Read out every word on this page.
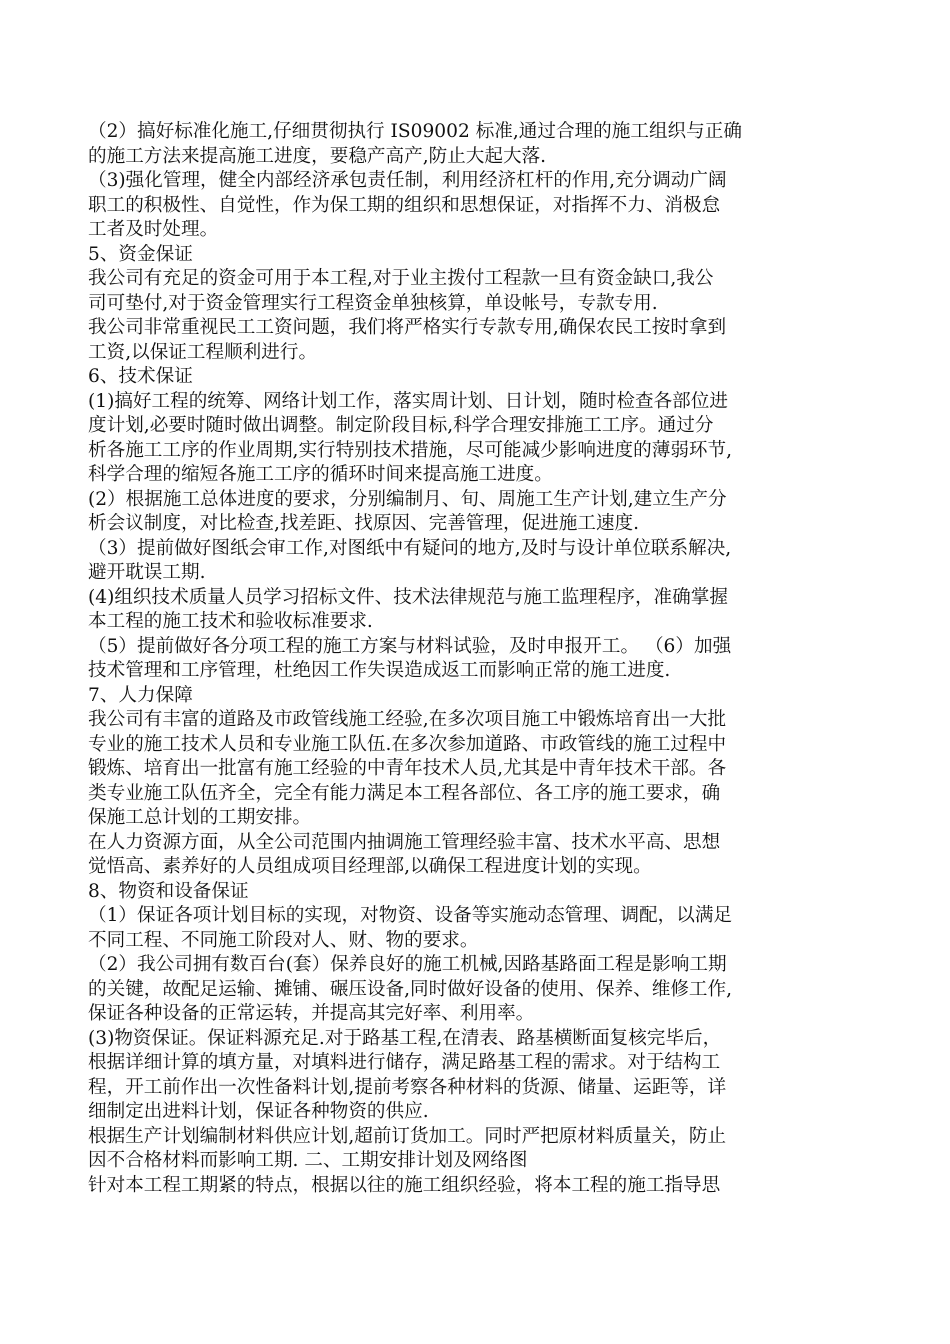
（2）搞好标准化施工,仔细贯彻执行 IS09002 标准,通过合理的施工组织与正确
的施工方法来提高施工进度，要稳产高产,防止大起大落.
（3)强化管理，健全内部经济承包责任制，利用经济杠杆的作用,充分调动广阔
职工的积极性、自觉性，作为保工期的组织和思想保证，对指挥不力、消极怠
工者及时处理。
5、资金保证
我公司有充足的资金可用于本工程,对于业主拨付工程款一旦有资金缺口,我公
司可垫付,对于资金管理实行工程资金单独核算，单设帐号，专款专用.
我公司非常重视民工工资问题，我们将严格实行专款专用,确保农民工按时拿到
工资,以保证工程顺利进行。
6、技术保证
(1)搞好工程的统筹、网络计划工作，落实周计划、日计划，随时检查各部位进
度计划,必要时随时做出调整。制定阶段目标,科学合理安排施工工序。通过分
析各施工工序的作业周期,实行特别技术措施，尽可能减少影响进度的薄弱环节,
科学合理的缩短各施工工序的循环时间来提高施工进度。
(2）根据施工总体进度的要求，分别编制月、旬、周施工生产计划,建立生产分
析会议制度，对比检查,找差距、找原因、完善管理，促进施工速度.
（3）提前做好图纸会审工作,对图纸中有疑问的地方,及时与设计单位联系解决,
避开耽误工期.
(4)组织技术质量人员学习招标文件、技术法律规范与施工监理程序，准确掌握
本工程的施工技术和验收标准要求.
（5）提前做好各分项工程的施工方案与材料试验，及时申报开工。 （6）加强
技术管理和工序管理，杜绝因工作失误造成返工而影响正常的施工进度.
7、人力保障
我公司有丰富的道路及市政管线施工经验,在多次项目施工中锻炼培育出一大批
专业的施工技术人员和专业施工队伍.在多次参加道路、市政管线的施工过程中
锻炼、培育出一批富有施工经验的中青年技术人员,尤其是中青年技术干部。各
类专业施工队伍齐全，完全有能力满足本工程各部位、各工序的施工要求，确
保施工总计划的工期安排。
在人力资源方面，从全公司范围内抽调施工管理经验丰富、技术水平高、思想
觉悟高、素养好的人员组成项目经理部,以确保工程进度计划的实现。
8、物资和设备保证
（1）保证各项计划目标的实现，对物资、设备等实施动态管理、调配，以满足
不同工程、不同施工阶段对人、财、物的要求。
（2）我公司拥有数百台(套）保养良好的施工机械,因路基路面工程是影响工期
的关键，故配足运输、摊铺、碾压设备,同时做好设备的使用、保养、维修工作,
保证各种设备的正常运转，并提高其完好率、利用率。
(3)物资保证。保证料源充足.对于路基工程,在清表、路基横断面复核完毕后，
根据详细计算的填方量，对填料进行储存，满足路基工程的需求。对于结构工
程，开工前作出一次性备料计划,提前考察各种材料的货源、储量、运距等，详
细制定出进料计划，保证各种物资的供应.
根据生产计划编制材料供应计划,超前订货加工。同时严把原材料质量关，防止
因不合格材料而影响工期. 二、工期安排计划及网络图
针对本工程工期紧的特点，根据以往的施工组织经验，将本工程的施工指导思
